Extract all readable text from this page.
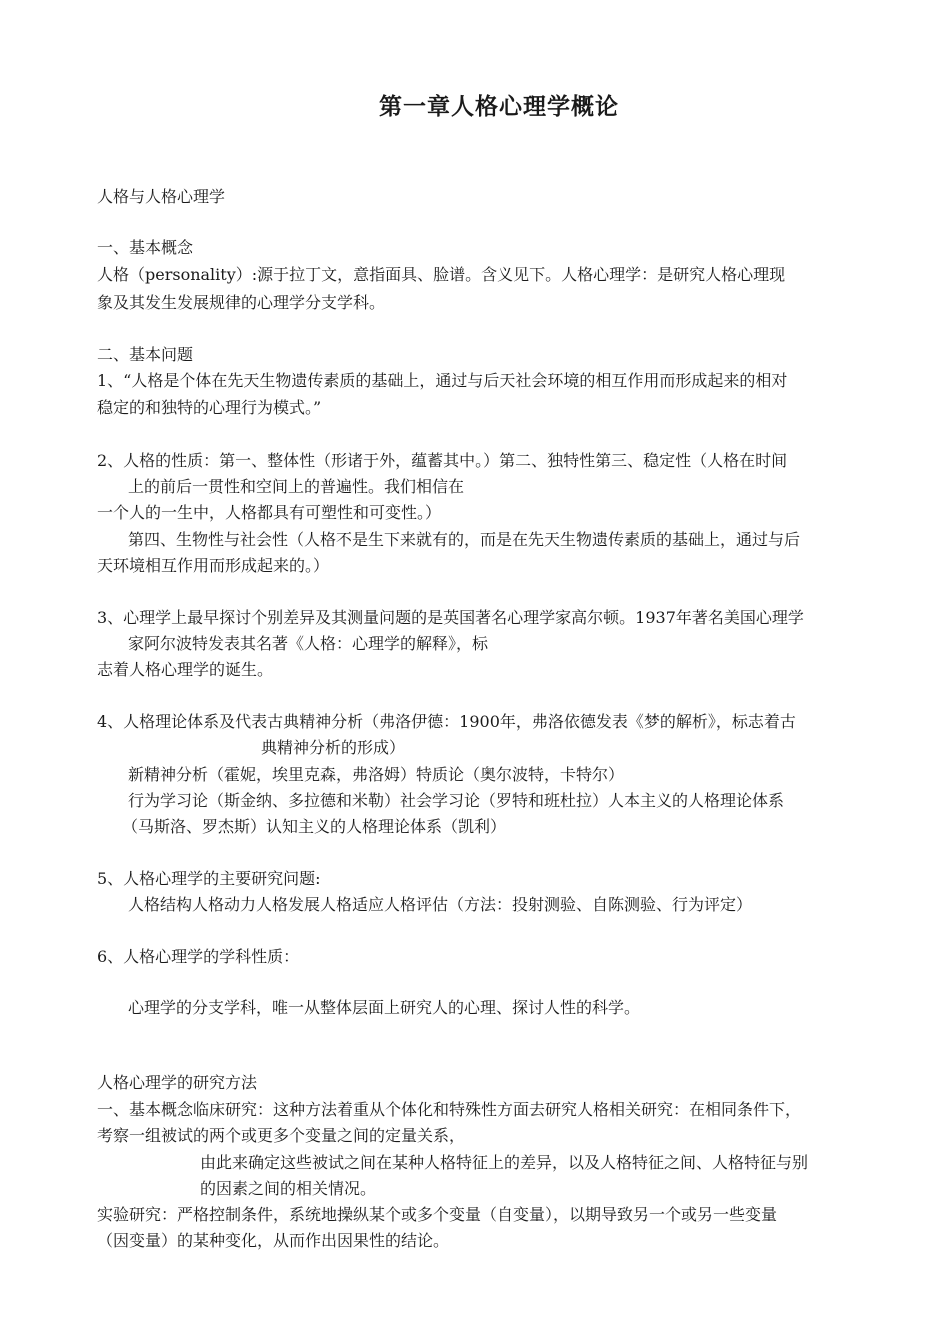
第一章人格心理学概论
人格与人格心理学
一、基本概念
人格（personality）:源于拉丁文，意指面具、脸谱。含义见下。人格心理学：是研究人格心理现
象及其发生发展规律的心理学分支学科。
二、基本问题
1、“人格是个体在先天生物遗传素质的基础上，通过与后天社会环境的相互作用而形成起来的相对
稳定的和独特的心理行为模式。”
2、人格的性质：第一、整体性（形诸于外，蕴蓄其中。）第二、独特性第三、稳定性（人格在时间
上的前后一贯性和空间上的普遍性。我们相信在
一个人的一生中，人格都具有可塑性和可变性。）
第四、生物性与社会性（人格不是生下来就有的，而是在先天生物遗传素质的基础上，通过与后
天环境相互作用而形成起来的。）
3、心理学上最早探讨个别差异及其测量问题的是英国著名心理学家高尔顿。1937年著名美国心理学
家阿尔波特发表其名著《人格：心理学的解释》，标
志着人格心理学的诞生。
4、人格理论体系及代表古典精神分析（弗洛伊德：1900年，弗洛依德发表《梦的解析》，标志着古
典精神分析的形成）
新精神分析（霍妮，埃里克森，弗洛姆）特质论（奥尔波特，卡特尔）
行为学习论（斯金纳、多拉德和米勒）社会学习论（罗特和班杜拉）人本主义的人格理论体系
（马斯洛、罗杰斯）认知主义的人格理论体系（凯利）
5、人格心理学的主要研究问题:
人格结构人格动力人格发展人格适应人格评估（方法：投射测验、自陈测验、行为评定）
6、人格心理学的学科性质：
心理学的分支学科，唯一从整体层面上研究人的心理、探讨人性的科学。
人格心理学的研究方法
一、基本概念临床研究：这种方法着重从个体化和特殊性方面去研究人格相关研究：在相同条件下，
考察一组被试的两个或更多个变量之间的定量关系，
由此来确定这些被试之间在某种人格特征上的差异，以及人格特征之间、人格特征与别
的因素之间的相关情况。
实验研究：严格控制条件，系统地操纵某个或多个变量（自变量），以期导致另一个或另一些变量
（因变量）的某种变化，从而作出因果性的结论。
